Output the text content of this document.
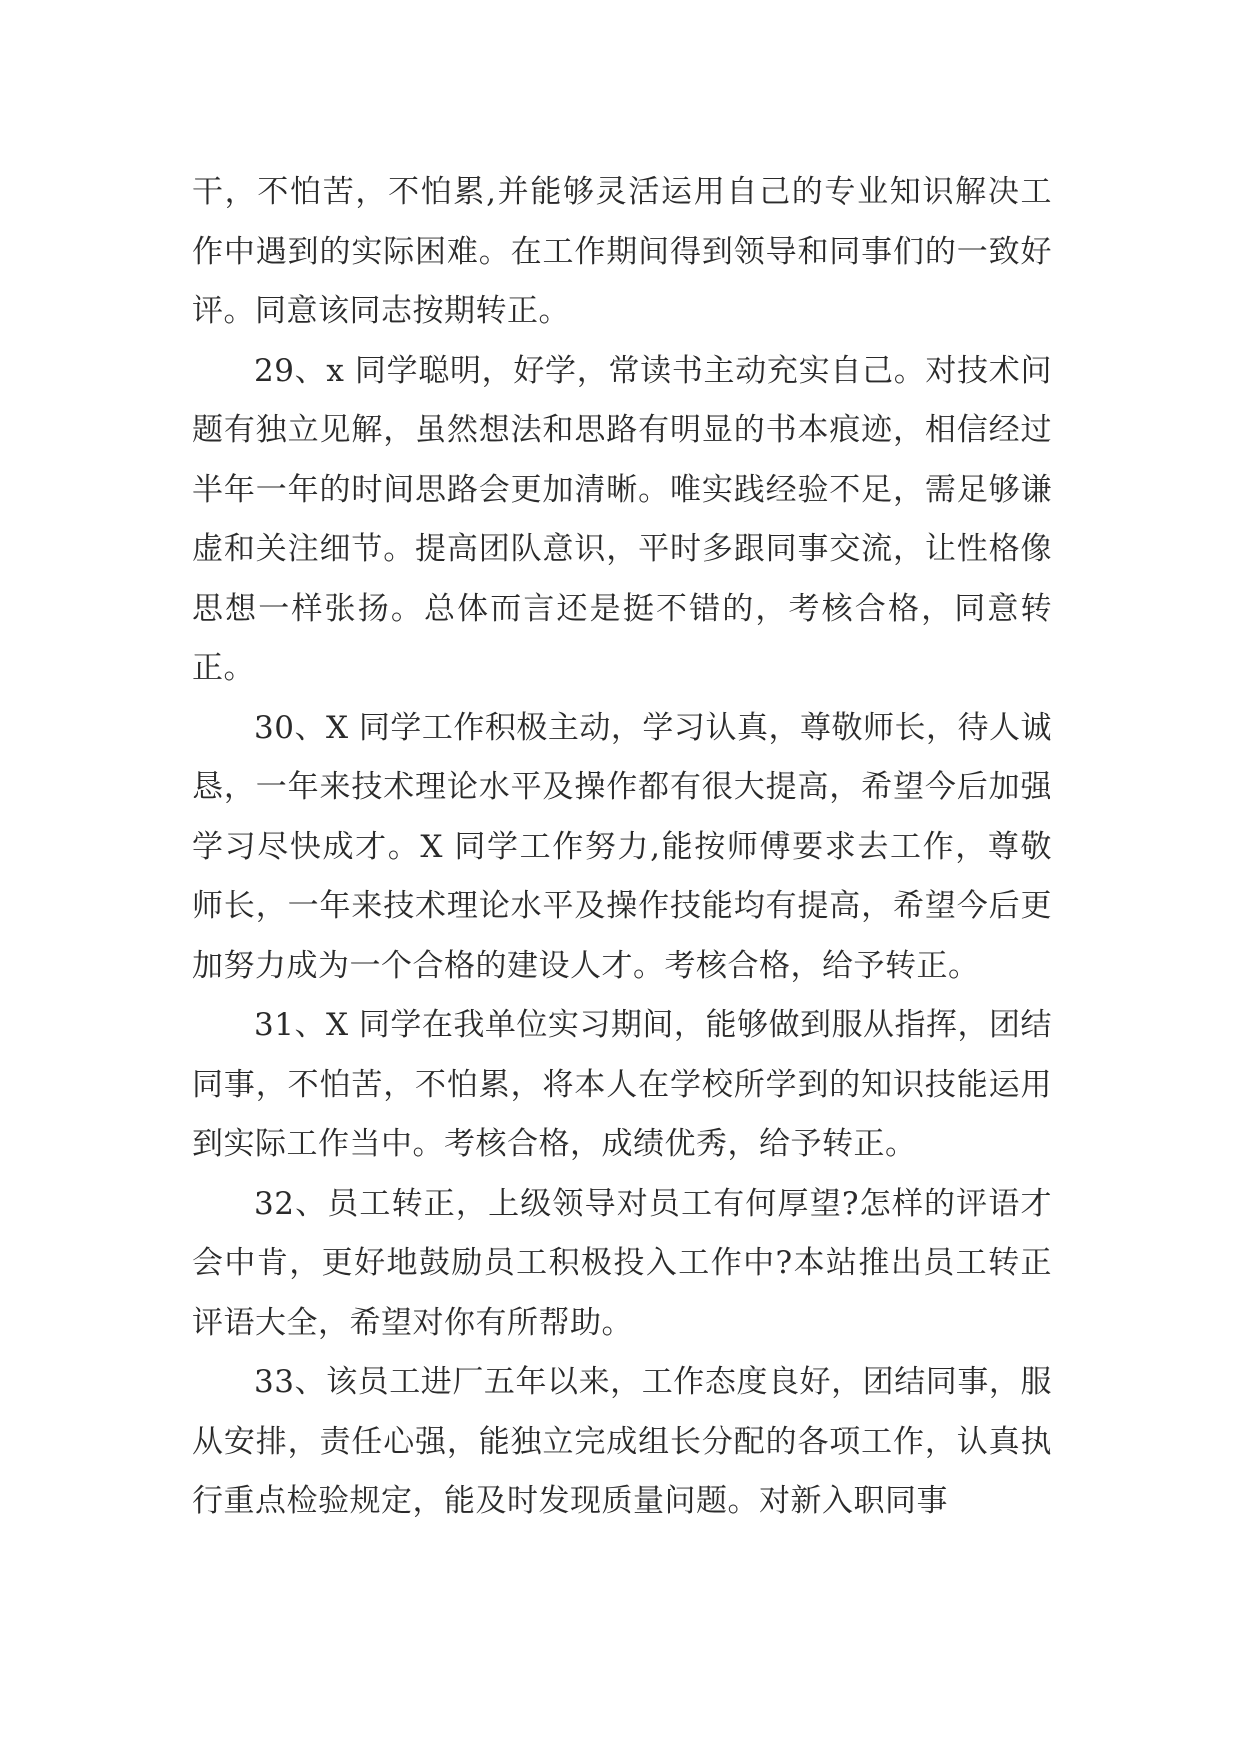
干，不怕苦，不怕累,并能够灵活运用自己的专业知识解决工作中遇到的实际困难。在工作期间得到领导和同事们的一致好评。同意该同志按期转正。

29、x 同学聪明，好学，常读书主动充实自己。对技术问题有独立见解，虽然想法和思路有明显的书本痕迹，相信经过半年一年的时间思路会更加清晰。唯实践经验不足，需足够谦虚和关注细节。提高团队意识，平时多跟同事交流，让性格像思想一样张扬。总体而言还是挺不错的，考核合格，同意转正。

30、X 同学工作积极主动，学习认真，尊敬师长，待人诚恳，一年来技术理论水平及操作都有很大提高，希望今后加强学习尽快成才。X 同学工作努力,能按师傅要求去工作，尊敬师长，一年来技术理论水平及操作技能均有提高，希望今后更加努力成为一个合格的建设人才。考核合格，给予转正。

31、X 同学在我单位实习期间，能够做到服从指挥，团结同事，不怕苦，不怕累，将本人在学校所学到的知识技能运用到实际工作当中。考核合格，成绩优秀，给予转正。

32、员工转正，上级领导对员工有何厚望?怎样的评语才会中肯，更好地鼓励员工积极投入工作中?本站推出员工转正评语大全，希望对你有所帮助。

33、该员工进厂五年以来，工作态度良好，团结同事，服从安排，责任心强，能独立完成组长分配的各项工作，认真执行重点检验规定，能及时发现质量问题。对新入职同事
